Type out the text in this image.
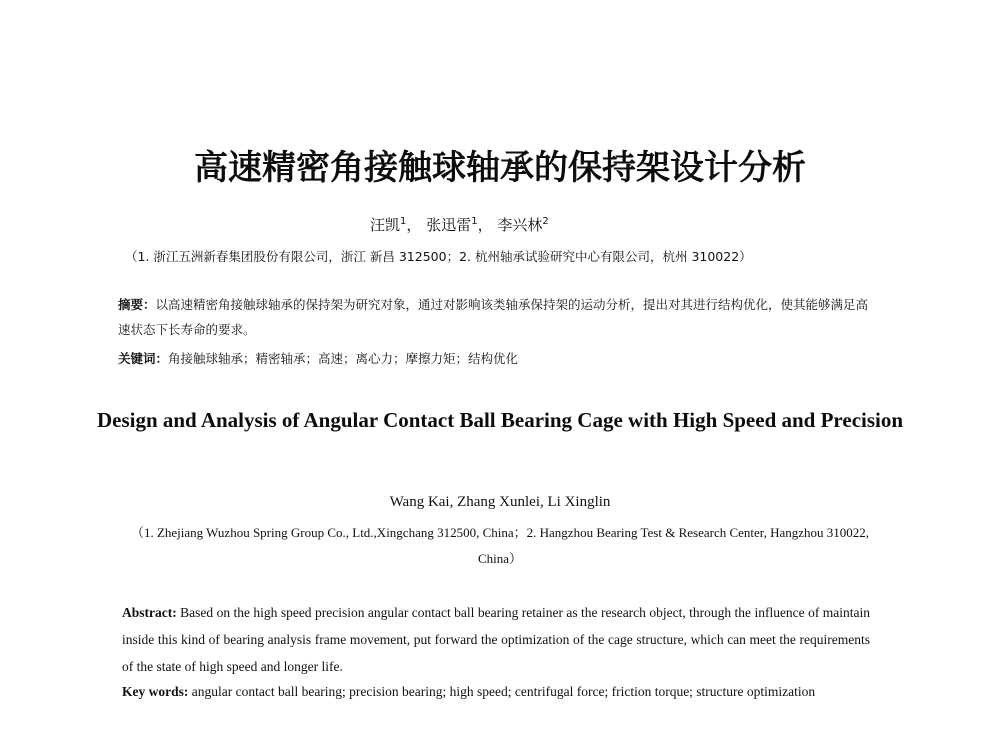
高速精密角接触球轴承的保持架设计分析
汪凯$^1$， 张迅雷$^1$， 李兴林$^2$
（1. 浙江五洲新春集团股份有限公司，浙江 新昌 312500；2. 杭州轴承试验研究中心有限公司，杭州 310022）
摘要：以高速精密角接触球轴承的保持架为研究对象，通过对影响该类轴承保持架的运动分析，提出对其进行结构优化，使其能够满足高速状态下长寿命的要求。
关键词：角接触球轴承；精密轴承；高速；离心力；摩擦力矩；结构优化
Design and Analysis of Angular Contact Ball Bearing Cage with High Speed and Precision
Wang Kai, Zhang Xunlei, Li Xinglin
（1. Zhejiang Wuzhou Spring Group Co., Ltd.,Xingchang 312500, China；2. Hangzhou Bearing Test & Research Center, Hangzhou 310022, China）
Abstract: Based on the high speed precision angular contact ball bearing retainer as the research object, through the influence of maintain inside this kind of bearing analysis frame movement, put forward the optimization of the cage structure, which can meet the requirements of the state of high speed and longer life.
Key words: angular contact ball bearing; precision bearing; high speed; centrifugal force; friction torque; structure optimization
